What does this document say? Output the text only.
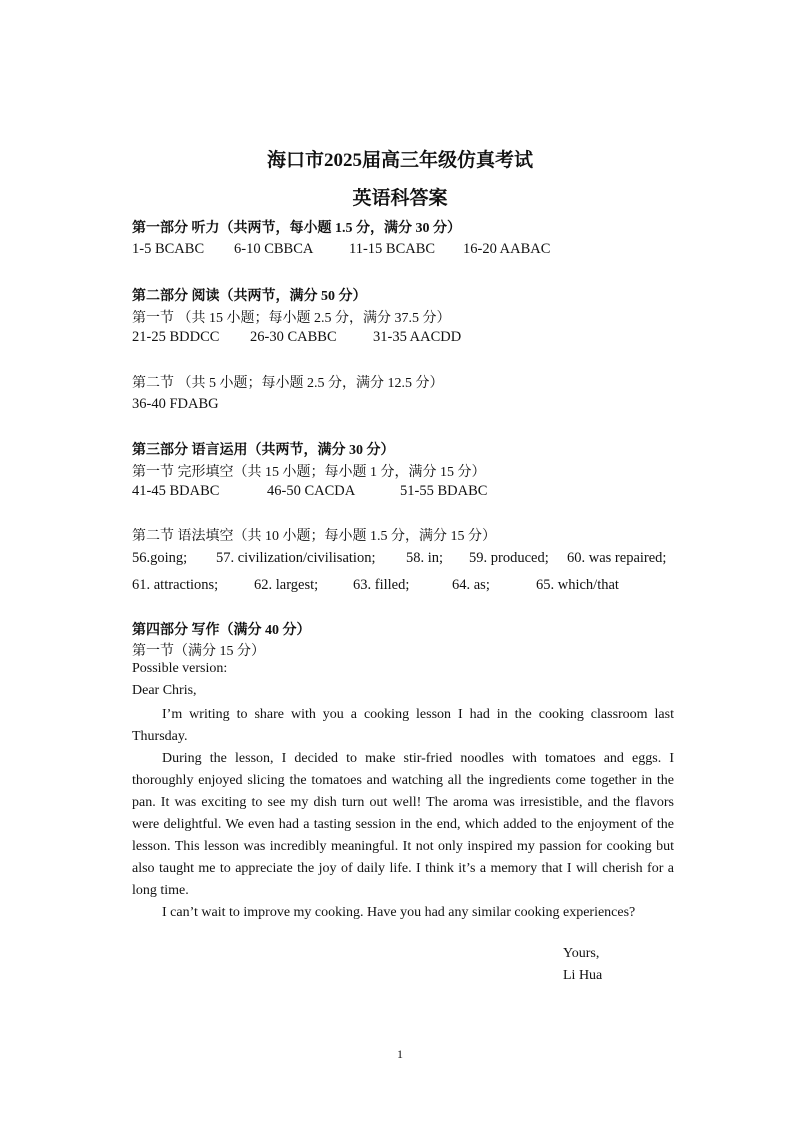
海口市2025届高三年级仿真考试
英语科答案
第一部分 听力（共两节，每小题 1.5 分，满分 30 分）
1-5 BCABC 6-10 CBBCA 11-15 BCABC 16-20 AABAC
第二部分 阅读（共两节，满分 50 分）
第一节 （共 15 小题；每小题 2.5 分，满分 37.5 分）
21-25 BDDCC 26-30 CABBC	31-35 AACDD
第二节 （共 5 小题；每小题 2.5 分，满分 12.5 分）
36-40 FDABG
第三部分 语言运用（共两节，满分 30 分）
第一节 完形填空（共 15 小题；每小题 1 分，满分 15 分）
41-45 BDABC	46-50 CACDA	51-55 BDABC
第二节 语法填空（共 10 小题；每小题 1.5 分，满分 15 分）
56.going; 57. civilization/civilisation; 58. in; 59. produced; 60. was repaired;
61. attractions; 62. largest; 63. filled;	64. as;	65. which/that
第四部分 写作（满分 40 分）
第一节（满分 15 分）
Possible version:
Dear Chris,

I’m writing to share with you a cooking lesson I had in the cooking classroom last Thursday.

During the lesson, I decided to make stir-fried noodles with tomatoes and eggs. I thoroughly enjoyed slicing the tomatoes and watching all the ingredients come together in the pan. It was exciting to see my dish turn out well! The aroma was irresistible, and the flavors were delightful. We even had a tasting session in the end, which added to the enjoyment of the lesson. This lesson was incredibly meaningful. It not only inspired my passion for cooking but also taught me to appreciate the joy of daily life. I think it’s a memory that I will cherish for a long time.

I can’t wait to improve my cooking. Have you had any similar cooking experiences?

Yours,
Li Hua
1
